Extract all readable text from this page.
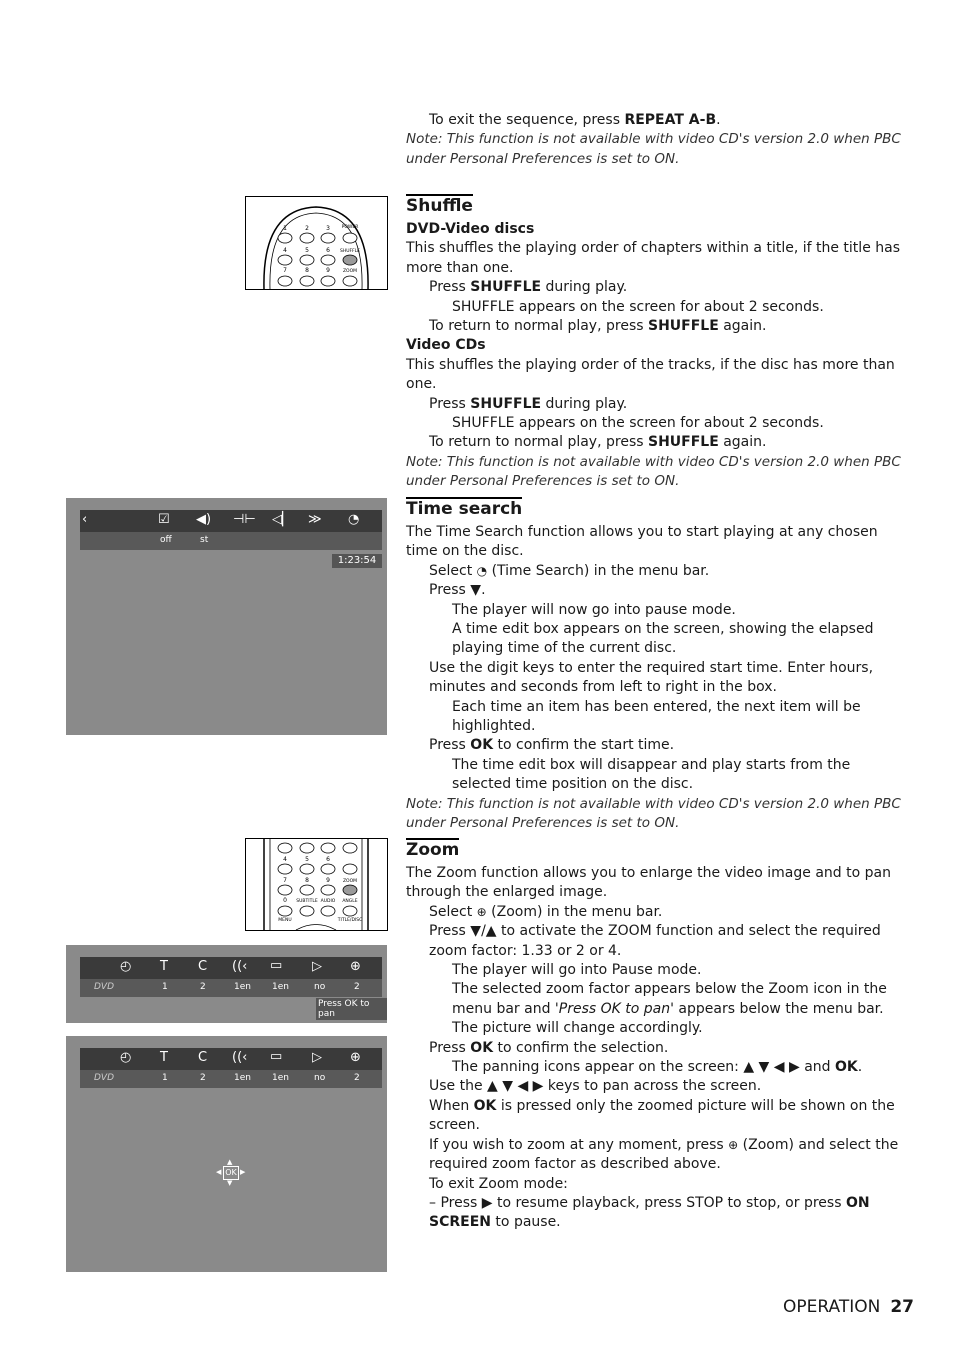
To exit the sequence, press REPEAT A-B.

Note: This function is not available with video CD's version 2.0 when PBC under Personal Preferences is set to ON.

1	2	3	POWER
4	5	6 SHUFFLE
7	8	9	ZOOM
Shuffle

DVD-Video discs

This shuffles the playing order of chapters within a title, if the title has more than one.

Press SHUFFLE during play.

SHUFFLE appears on the screen for about 2 seconds.

To return to normal play, press SHUFFLE again.

Video CDs

This shuffles the playing order of the tracks, if the disc has more than one.

Press SHUFFLE during play.

SHUFFLE appears on the screen for about 2 seconds.

To return to normal play, press SHUFFLE again.

Note: This function is not available with video CD's version 2.0 when PBC under Personal Preferences is set to ON.

‹	☑ ◀) ⊣⊢ ◁▏ ≫ ◔
off	st
1:23:54
Time search

The Time Search function allows you to start playing at any chosen time on the disc.

Select ◔ (Time Search) in the menu bar.

Press ▼.

The player will now go into pause mode.

A time edit box appears on the screen, showing the elapsed playing time of the current disc.

Use the digit keys to enter the required start time. Enter hours, minutes and seconds from left to right in the box.

Each time an item has been entered, the next item will be highlighted.

Press OK to confirm the start time.

The time edit box will disappear and play starts from the selected time position on the disc.

Note: This function is not available with video CD's version 2.0 when PBC under Personal Preferences is set to ON.

4	5	6
7	8	9	ZOOM
0 SUBTITLE AUDIO ANGLE
MENU	TITLE/DISC
◴ T C ((‹ ▭ ▷ ⊕
DVD	1	2	1en 1en	no	2
Press OK to pan
◴ T C ((‹ ▭ ▷ ⊕
DVD	1	2	1en 1en	no	2
▲
◀ OK ▶
▼
Zoom

The Zoom function allows you to enlarge the video image and to pan through the enlarged image.

Select ⊕ (Zoom) in the menu bar.

Press ▼/▲ to activate the ZOOM function and select the required zoom factor: 1.33 or 2 or 4.

The player will go into Pause mode.

The selected zoom factor appears below the Zoom icon in the menu bar and 'Press OK to pan' appears below the menu bar.

The picture will change accordingly.

Press OK to confirm the selection.

The panning icons appear on the screen: ▲ ▼ ◀ ▶ and OK.

Use the ▲ ▼ ◀ ▶ keys to pan across the screen.

When OK is pressed only the zoomed picture will be shown on the screen.

If you wish to zoom at any moment, press ⊕ (Zoom) and select the required zoom factor as described above.

To exit Zoom mode:

– Press ▶ to resume playback, press STOP to stop, or press ON SCREEN to pause.

OPERATION 27
